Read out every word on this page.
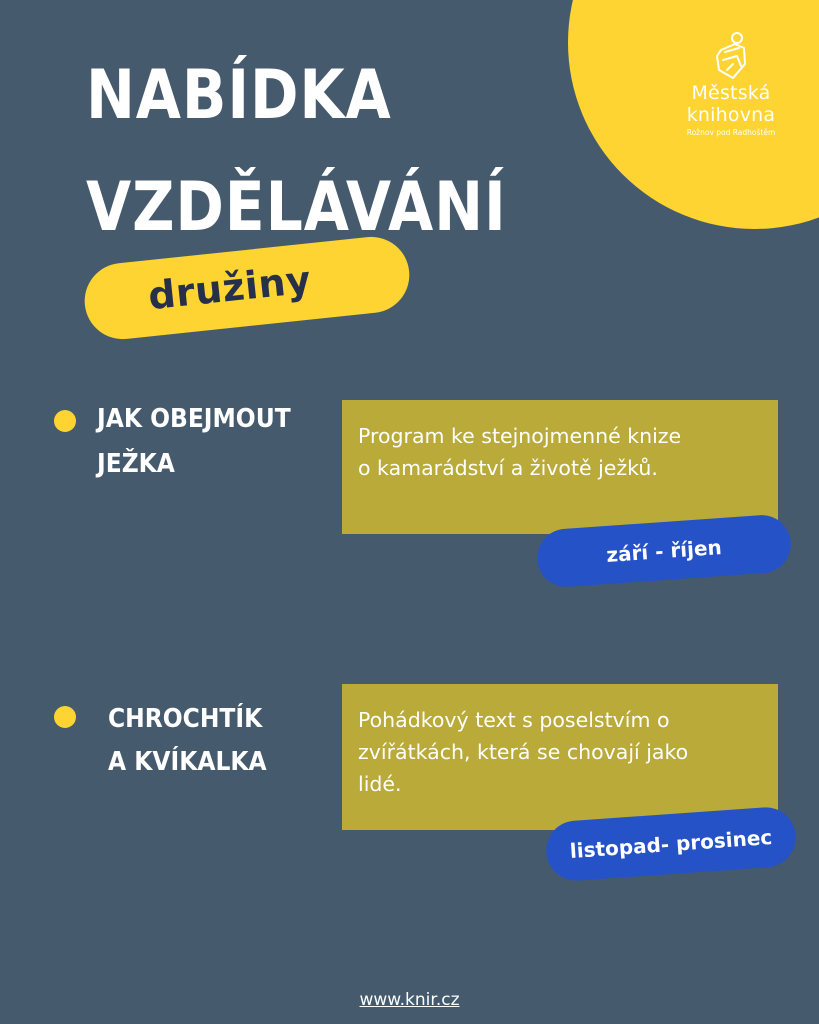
Městská
knihovna
Rožnov pod Radhoštěm
NABÍDKA
VZDĚLÁVÁNÍ
družiny
JAK OBEJMOUT
JEŽKA
Program ke stejnojmenné knize
o kamarádství a životě ježků.
září - říjen
CHROCHTÍK
A KVÍKALKA
Pohádkový text s poselstvím o
zvířátkách, která se chovají jako
lidé.
listopad- prosinec
www.knir.cz
